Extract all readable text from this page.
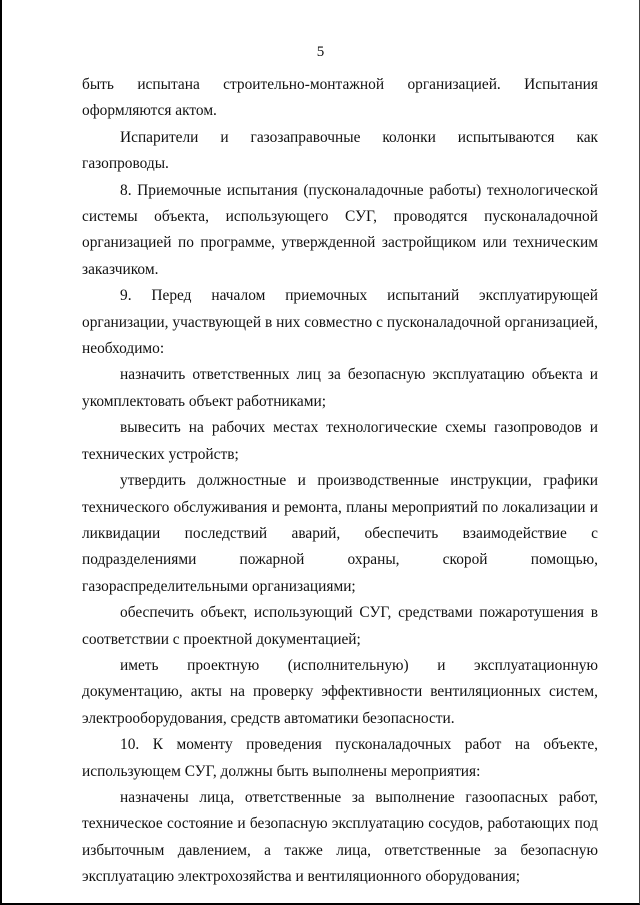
5

быть испытана строительно-монтажной организацией. Испытания оформляются актом.

Испарители и газозаправочные колонки испытываются как газопроводы.

8. Приемочные испытания (пусконаладочные работы) технологической системы объекта, использующего СУГ, проводятся пусконаладочной организацией по программе, утвержденной застройщиком или техническим заказчиком.

9. Перед началом приемочных испытаний эксплуатирующей организации, участвующей в них совместно с пусконаладочной организацией, необходимо:

назначить ответственных лиц за безопасную эксплуатацию объекта и укомплектовать объект работниками;

вывесить на рабочих местах технологические схемы газопроводов и технических устройств;

утвердить должностные и производственные инструкции, графики технического обслуживания и ремонта, планы мероприятий по локализации и ликвидации последствий аварий, обеспечить взаимодействие с подразделениями пожарной охраны, скорой помощью, газораспределительными организациями;

обеспечить объект, использующий СУГ, средствами пожаротушения в соответствии с проектной документацией;

иметь проектную (исполнительную) и эксплуатационную документацию, акты на проверку эффективности вентиляционных систем, электрооборудования, средств автоматики безопасности.

10. К моменту проведения пусконаладочных работ на объекте, использующем СУГ, должны быть выполнены мероприятия:

назначены лица, ответственные за выполнение газоопасных работ, техническое состояние и безопасную эксплуатацию сосудов, работающих под избыточным давлением, а также лица, ответственные за безопасную эксплуатацию электрохозяйства и вентиляционного оборудования;
